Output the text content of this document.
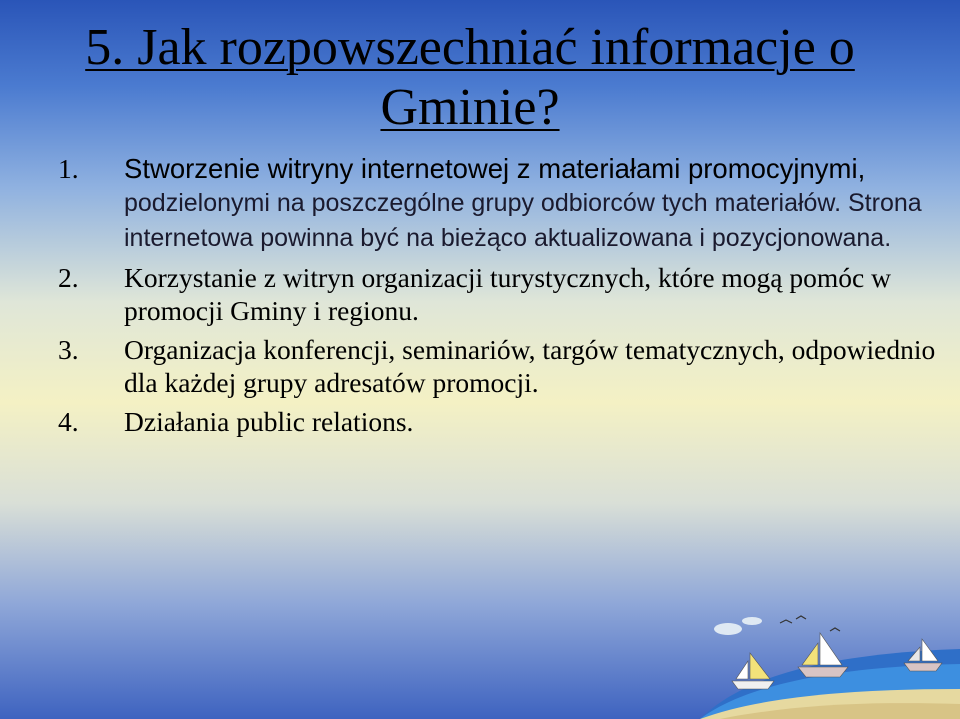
5. Jak rozpowszechniać informacje o Gminie?
1.	Stworzenie witryny internetowej z materiałami promocyjnymi, podzielonymi na poszczególne grupy odbiorców tych materiałów. Strona internetowa powinna być na bieżąco aktualizowana i pozycjonowana.
2.	Korzystanie z witryn organizacji turystycznych, które mogą pomóc w promocji Gminy i regionu.
3.	Organizacja konferencji, seminariów, targów tematycznych, odpowiednio dla każdej grupy adresatów promocji.
4.	Działania public relations.
